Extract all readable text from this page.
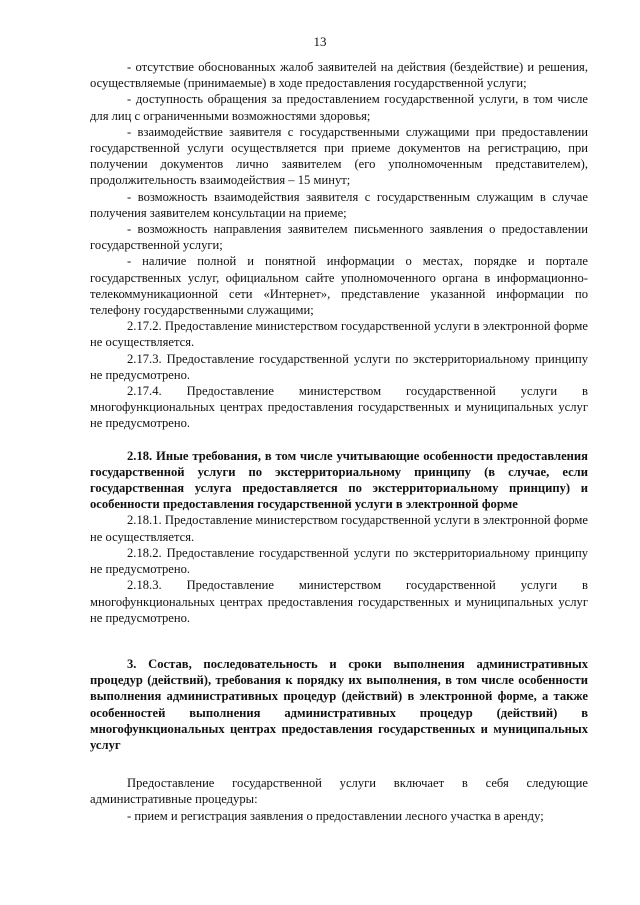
13

- отсутствие обоснованных жалоб заявителей на действия (бездействие) и решения, осуществляемые (принимаемые) в ходе предоставления государственной услуги;

- доступность обращения за предоставлением государственной услуги, в том числе для лиц с ограниченными возможностями здоровья;

- взаимодействие заявителя с государственными служащими при предоставлении государственной услуги осуществляется при приеме документов на регистрацию, при получении документов лично заявителем (его уполномоченным представителем), продолжительность взаимодействия – 15 минут;

- возможность взаимодействия заявителя с государственным служащим в случае получения заявителем консультации на приеме;

- возможность направления заявителем письменного заявления о предоставлении государственной услуги;

- наличие полной и понятной информации о местах, порядке и портале государственных услуг, официальном сайте уполномоченного органа в информационно-телекоммуникационной сети «Интернет», представление указанной информации по телефону государственными служащими;

2.17.2. Предоставление министерством государственной услуги в электронной форме не осуществляется.

2.17.3. Предоставление государственной услуги по экстерриториальному принципу не предусмотрено.

2.17.4. Предоставление министерством государственной услуги в многофункциональных центрах предоставления государственных и муниципальных услуг не предусмотрено.

2.18. Иные требования, в том числе учитывающие особенности предоставления государственной услуги по экстерриториальному принципу (в случае, если государственная услуга предоставляется по экстерриториальному принципу) и особенности предоставления государственной услуги в электронной форме

2.18.1. Предоставление министерством государственной услуги в электронной форме не осуществляется.

2.18.2. Предоставление государственной услуги по экстерриториальному принципу не предусмотрено.

2.18.3. Предоставление министерством государственной услуги в многофункциональных центрах предоставления государственных и муниципальных услуг не предусмотрено.

3. Состав, последовательность и сроки выполнения административных процедур (действий), требования к порядку их выполнения, в том числе особенности выполнения административных процедур (действий) в электронной форме, а также особенностей выполнения административных процедур (действий) в многофункциональных центрах предоставления государственных и муниципальных услуг

Предоставление государственной услуги включает в себя следующие административные процедуры:

- прием и регистрация заявления о предоставлении лесного участка в аренду;
